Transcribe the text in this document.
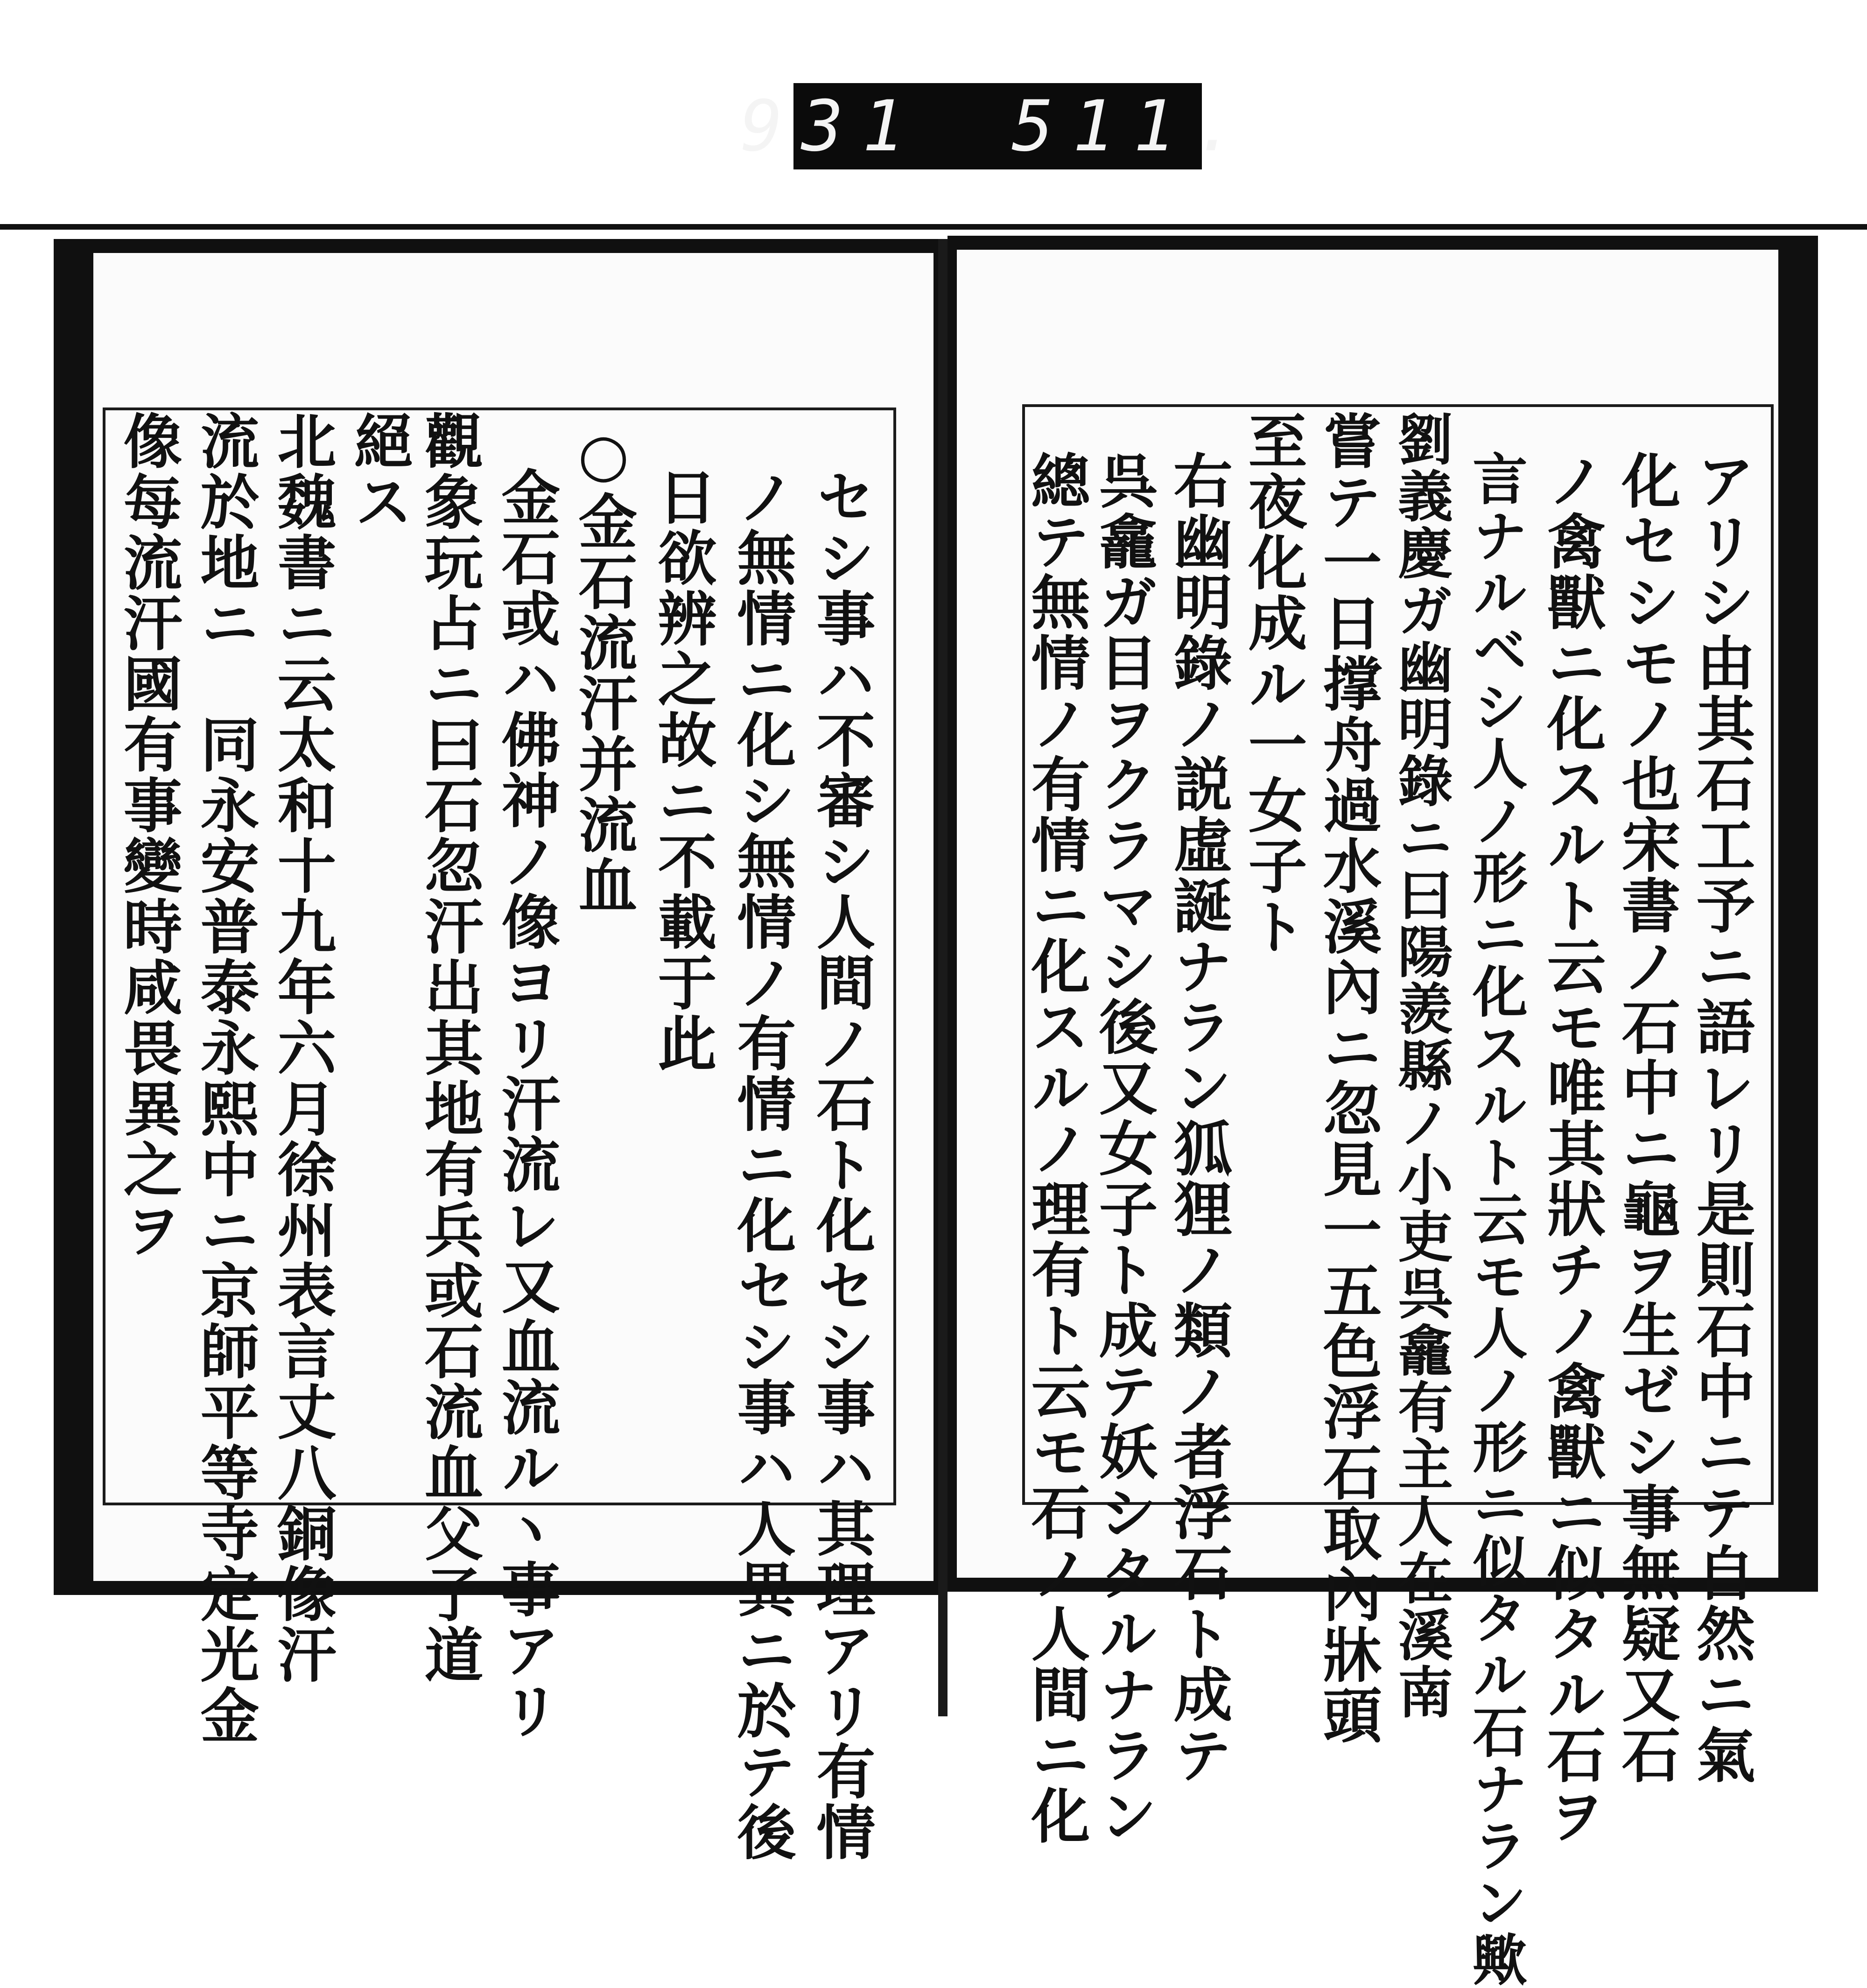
931 511.
セシ事ハ不審シ人間ノ石ト化セシ事ハ其理アリ有情
ノ無情ニ化シ無情ノ有情ニ化セシ事ハ人異ニ於テ後
日欲辨之故ニ不載于此
○金石流汗并流血
金石或ハ佛神ノ像ヨリ汗流レ又血流ルヽ事アリ
觀象玩占ニ曰石忽汗出其地有兵或石流血父子道
絕ス
北魏書ニ云太和十九年六月徐州表言丈八銅像汗
流於地ニ　同永安普泰永熙中ニ京師平等寺定光金
像每流汗國有事變時咸畏異之ヲ	アリシ由其石工予ニ語レリ是則石中ニテ自然ニ氣
化セシモノ也宋書ノ石中ニ龜ヲ生ゼシ事無疑又石
ノ禽獸ニ化スルト云モ唯其狀チノ禽獸ニ似タル石ヲ
言ナルベシ人ノ形ニ化スルト云モ人ノ形ニ似タル石ナラン歟
劉義慶ガ幽明錄ニ曰陽羨縣ノ小吏呉龕有主人在溪南
嘗テ一日撑舟過水溪內ニ忽見一五色浮石取內牀頭
至夜化成ル一女子ト
右幽明錄ノ説虛誕ナラン狐狸ノ類ノ者浮石ト成テ
呉龕ガ目ヲクラマシ後又女子ト成テ妖シタルナラン
總テ無情ノ有情ニ化スルノ理有ト云モ石ノ人間ニ化
